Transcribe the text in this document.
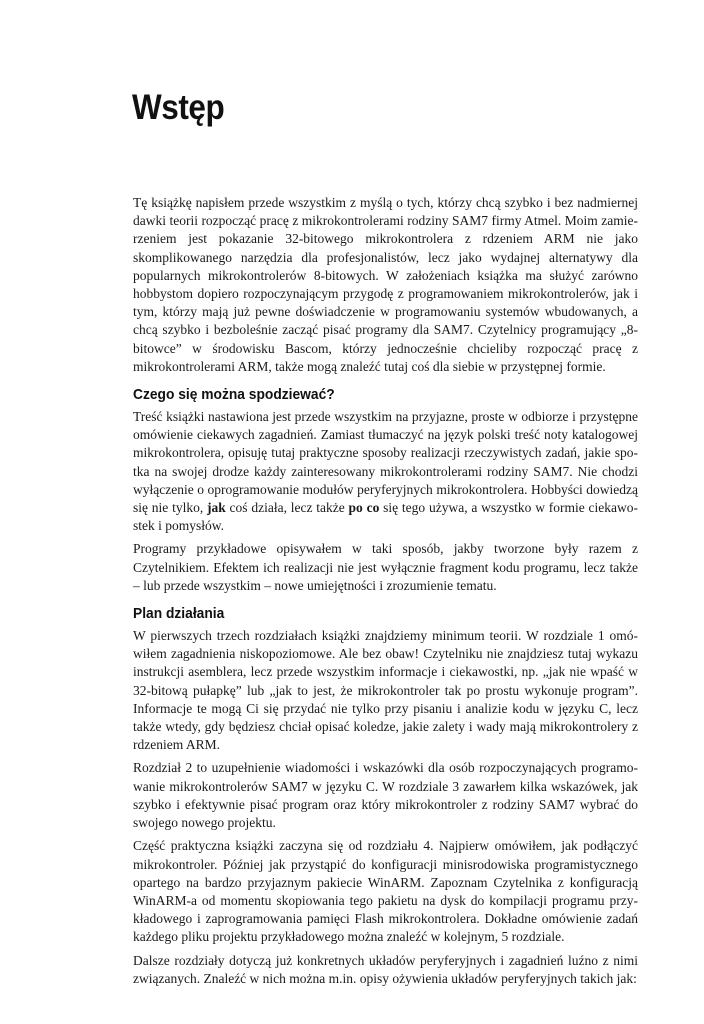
Wstęp

Tę książkę napisłem przede wszystkim z myślą o tych, którzy chcą szybko i bez nadmiernej dawki teorii rozpocząć pracę z mikrokontrolerami rodziny SAM7 firmy Atmel. Moim zamierzeniem jest pokazanie 32-bitowego mikrokontrolera z rdzeniem ARM nie jako skomplikowanego narzędzia dla profesjonalistów, lecz jako wydajnej alternatywy dla popularnych mikrokontrolerów 8-bitowych. W założeniach książka ma służyć zarówno hobbystom dopiero rozpoczynającym przygodę z programowaniem mikrokontrolerów, jak i tym, którzy mają już pewne doświadczenie w programowaniu systemów wbudowanych, a chcą szybko i bezboleśnie zacząć pisać programy dla SAM7. Czytelnicy programujący „8-bitowce” w środowisku Bascom, którzy jednocześnie chcieliby rozpocząć pracę z mikrokontrolerami ARM, także mogą znaleźć tutaj coś dla siebie w przystępnej formie.

Czego się można spodziewać?

Treść książki nastawiona jest przede wszystkim na przyjazne, proste w odbiorze i przystępne omówienie ciekawych zagadnień. Zamiast tłumaczyć na język polski treść noty katalogowej mikrokontrolera, opisuję tutaj praktyczne sposoby realizacji rzeczywistych zadań, jakie spotka na swojej drodze każdy zainteresowany mikrokontrolerami rodziny SAM7. Nie chodzi wyłączenie o oprogramowanie modułów peryferyjnych mikrokontrolera. Hobbyści dowiedzą się nie tylko, jak coś działa, lecz także po co się tego używa, a wszystko w formie ciekawostek i pomysłów.

Programy przykładowe opisywałem w taki sposób, jakby tworzone były razem z Czytelnikiem. Efektem ich realizacji nie jest wyłącznie fragment kodu programu, lecz także – lub przede wszystkim – nowe umiejętności i zrozumienie tematu.

Plan działania

W pierwszych trzech rozdziałach książki znajdziemy minimum teorii. W rozdziale 1 omówiłem zagadnienia niskopoziomowe. Ale bez obaw! Czytelniku nie znajdziesz tutaj wykazu instrukcji asemblera, lecz przede wszystkim informacje i ciekawostki, np. „jak nie wpaść w 32-bitową pułapkę” lub „jak to jest, że mikrokontroler tak po prostu wykonuje program”. Informacje te mogą Ci się przydać nie tylko przy pisaniu i analizie kodu w języku C, lecz także wtedy, gdy będziesz chciał opisać koledze, jakie zalety i wady mają mikrokontrolery z rdzeniem ARM.

Rozdział 2 to uzupełnienie wiadomości i wskazówki dla osób rozpoczynających programowanie mikrokontrolerów SAM7 w języku C. W rozdziale 3 zawarłem kilka wskazówek, jak szybko i efektywnie pisać program oraz który mikrokontroler z rodziny SAM7 wybrać do swojego nowego projektu.

Część praktyczna książki zaczyna się od rozdziału 4. Najpierw omówiłem, jak podłączyć mikrokontroler. Później jak przystąpić do konfiguracji minisrodowiska programistycznego opartego na bardzo przyjaznym pakiecie WinARM. Zapoznam Czytelnika z konfiguracją WinARM-a od momentu skopiowania tego pakietu na dysk do kompilacji programu przykładowego i zaprogramowania pamięci Flash mikrokontrolera. Dokładne omówienie zadań każdego pliku projektu przykładowego można znaleźć w kolejnym, 5 rozdziale.

Dalsze rozdziały dotyczą już konkretnych układów peryferyjnych i zagadnień luźno z nimi związanych. Znaleźć w nich można m.in. opisy ożywienia układów peryferyjnych takich jak:
